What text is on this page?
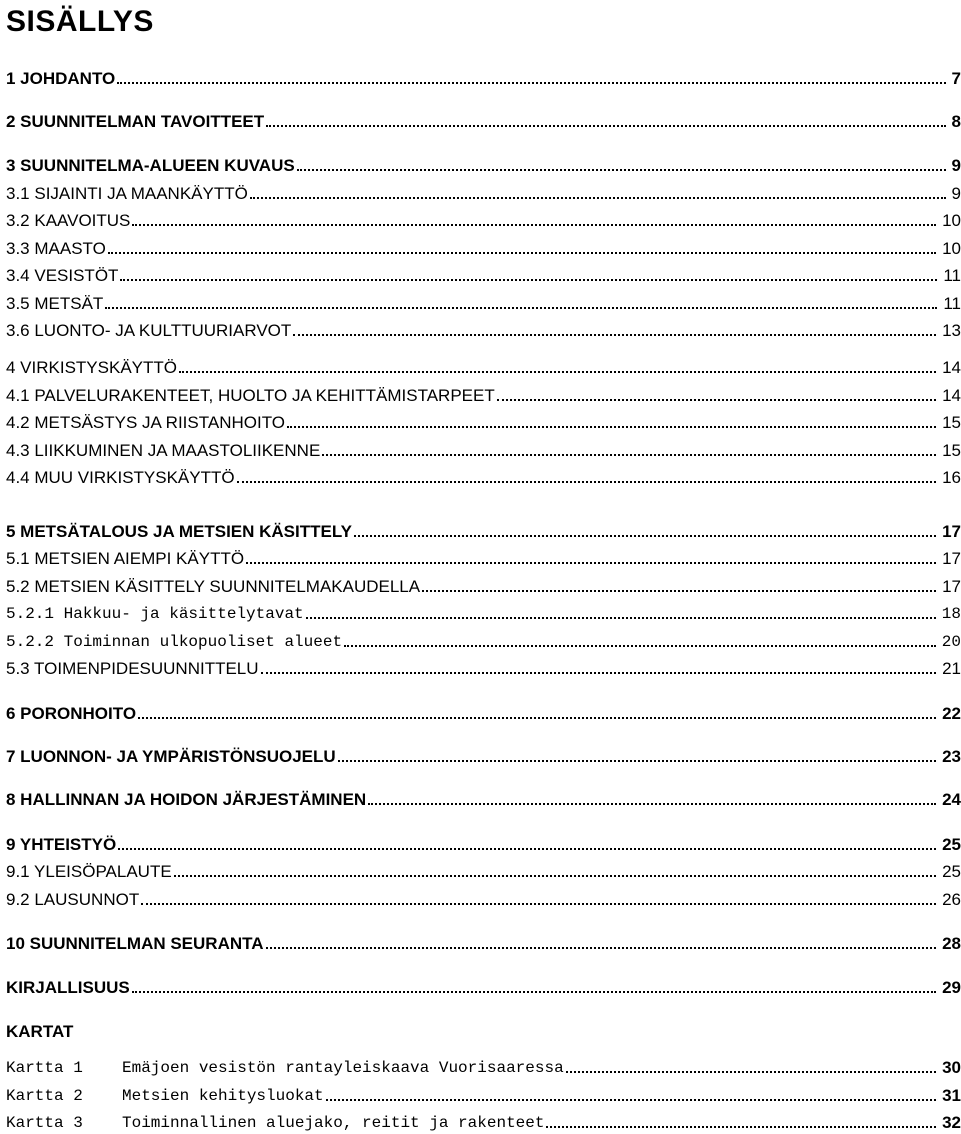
SISÄLLYS
1 JOHDANTO	7
2 SUUNNITELMAN TAVOITTEET	8
3 SUUNNITELMA-ALUEEN KUVAUS	9
3.1 SIJAINTI JA MAANKÄYTTÖ	9
3.2 KAAVOITUS	10
3.3 MAASTO	10
3.4 VESISTÖT	11
3.5 METSÄT	11
3.6 LUONTO- JA KULTTUURIARVOT	13
4 VIRKISTYSKÄYTTÖ	14
4.1 PALVELURAKENTEET, HUOLTO JA KEHITTÄMISTARPEET	14
4.2 METSÄSTYS JA RIISTANHOITO	15
4.3 LIIKKUMINEN JA MAASTOLIIKENNE	15
4.4 MUU VIRKISTYSKÄYTTÖ	16
5 METSÄTALOUS JA METSIEN KÄSITTELY	17
5.1 METSIEN AIEMPI KÄYTTÖ	17
5.2 METSIEN KÄSITTELY SUUNNITELMAKAUDELLA	17
5.2.1 Hakkuu- ja käsittelytavat	18
5.2.2 Toiminnan ulkopuoliset alueet	20
5.3 TOIMENPIDESUUNNITTELU	21
6 PORONHOITO	22
7 LUONNON- JA YMPÄRISTÖNSUOJELU	23
8 HALLINNAN JA HOIDON JÄRJESTÄMINEN	24
9 YHTEISTYÖ	25
9.1 YLEISÖPALAUTE	25
9.2 LAUSUNNOT	26
10 SUUNNITELMAN SEURANTA	28
KIRJALLISUUS	29
KARTAT
Kartta 1 Emäjoen vesistön rantayleiskaava Vuorisaaressa	30
Kartta 2 Metsien kehitysluokat	31
Kartta 3 Toiminnallinen aluejako, reitit ja rakenteet	32
